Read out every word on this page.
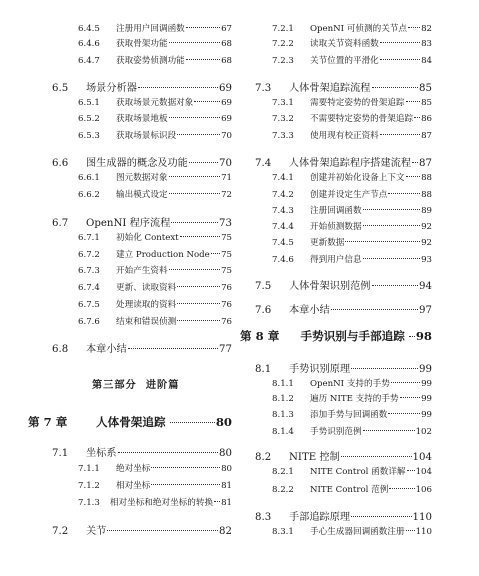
6.4.5	注册用户回调函数	67
6.4.6	获取骨架功能	68
6.4.7	获取姿势侦测功能	68
6.5	场景分析器	69
6.5.1	获取场景元数据对象	69
6.5.2	获取场景地板	69
6.5.3	获取场景标识段	70
6.6	图生成器的概念及功能	70
6.6.1	图元数据对象	71
6.6.2	输出模式设定	72
6.7	OpenNI 程序流程	73
6.7.1	初始化 Context	75
6.7.2	建立 Production Node 75
6.7.3	开始产生资料	75
6.7.4	更新、读取资料	76
6.7.5	处理读取的资料	76
6.7.6	结束和错误侦测	76
6.8	本章小结	77
第三部分
进阶篇
第 7 章	人体骨架追踪	80
7.1	坐标系	80
7.1.1	绝对坐标	80
7.1.2	相对坐标	81
7.1.3	相对坐标和绝对坐标的转换 81
7.2	关节	82
7.2.1	OpenNI 可侦测的关节点 82
7.2.2	读取关节资料函数	83
7.2.3	关节位置的平滑化	84
7.3	人体骨架追踪流程	85
7.3.1	需要特定姿势的骨架追踪 85
7.3.2	不需要特定姿势的骨架追踪 86
7.3.3	使用现有校正资料	87
7.4	人体骨架追踪程序搭建流程 87
7.4.1	创建并初始化设备上下文 88
7.4.2	创建并设定生产节点	88
7.4.3	注册回调函数	89
7.4.4	开始侦测数据	92
7.4.5	更新数据	92
7.4.6	得到用户信息	93
7.5	人体骨架识别范例	94
7.6	本章小结	97
第 8 章	手势识别与手部追踪 98
8.1	手势识别原理	99
8.1.1	OpenNI 支持的手势	99
8.1.2	遍历 NITE 支持的手势	99
8.1.3	添加手势与回调函数	99
8.1.4	手势识别范例	102
8.2	NITE 控制	104
8.2.1	NITE Control 函数详解 104
8.2.2	NITE Control 范例	106
8.3	手部追踪原理	110
8.3.1	手心生成器回调函数注册 110
